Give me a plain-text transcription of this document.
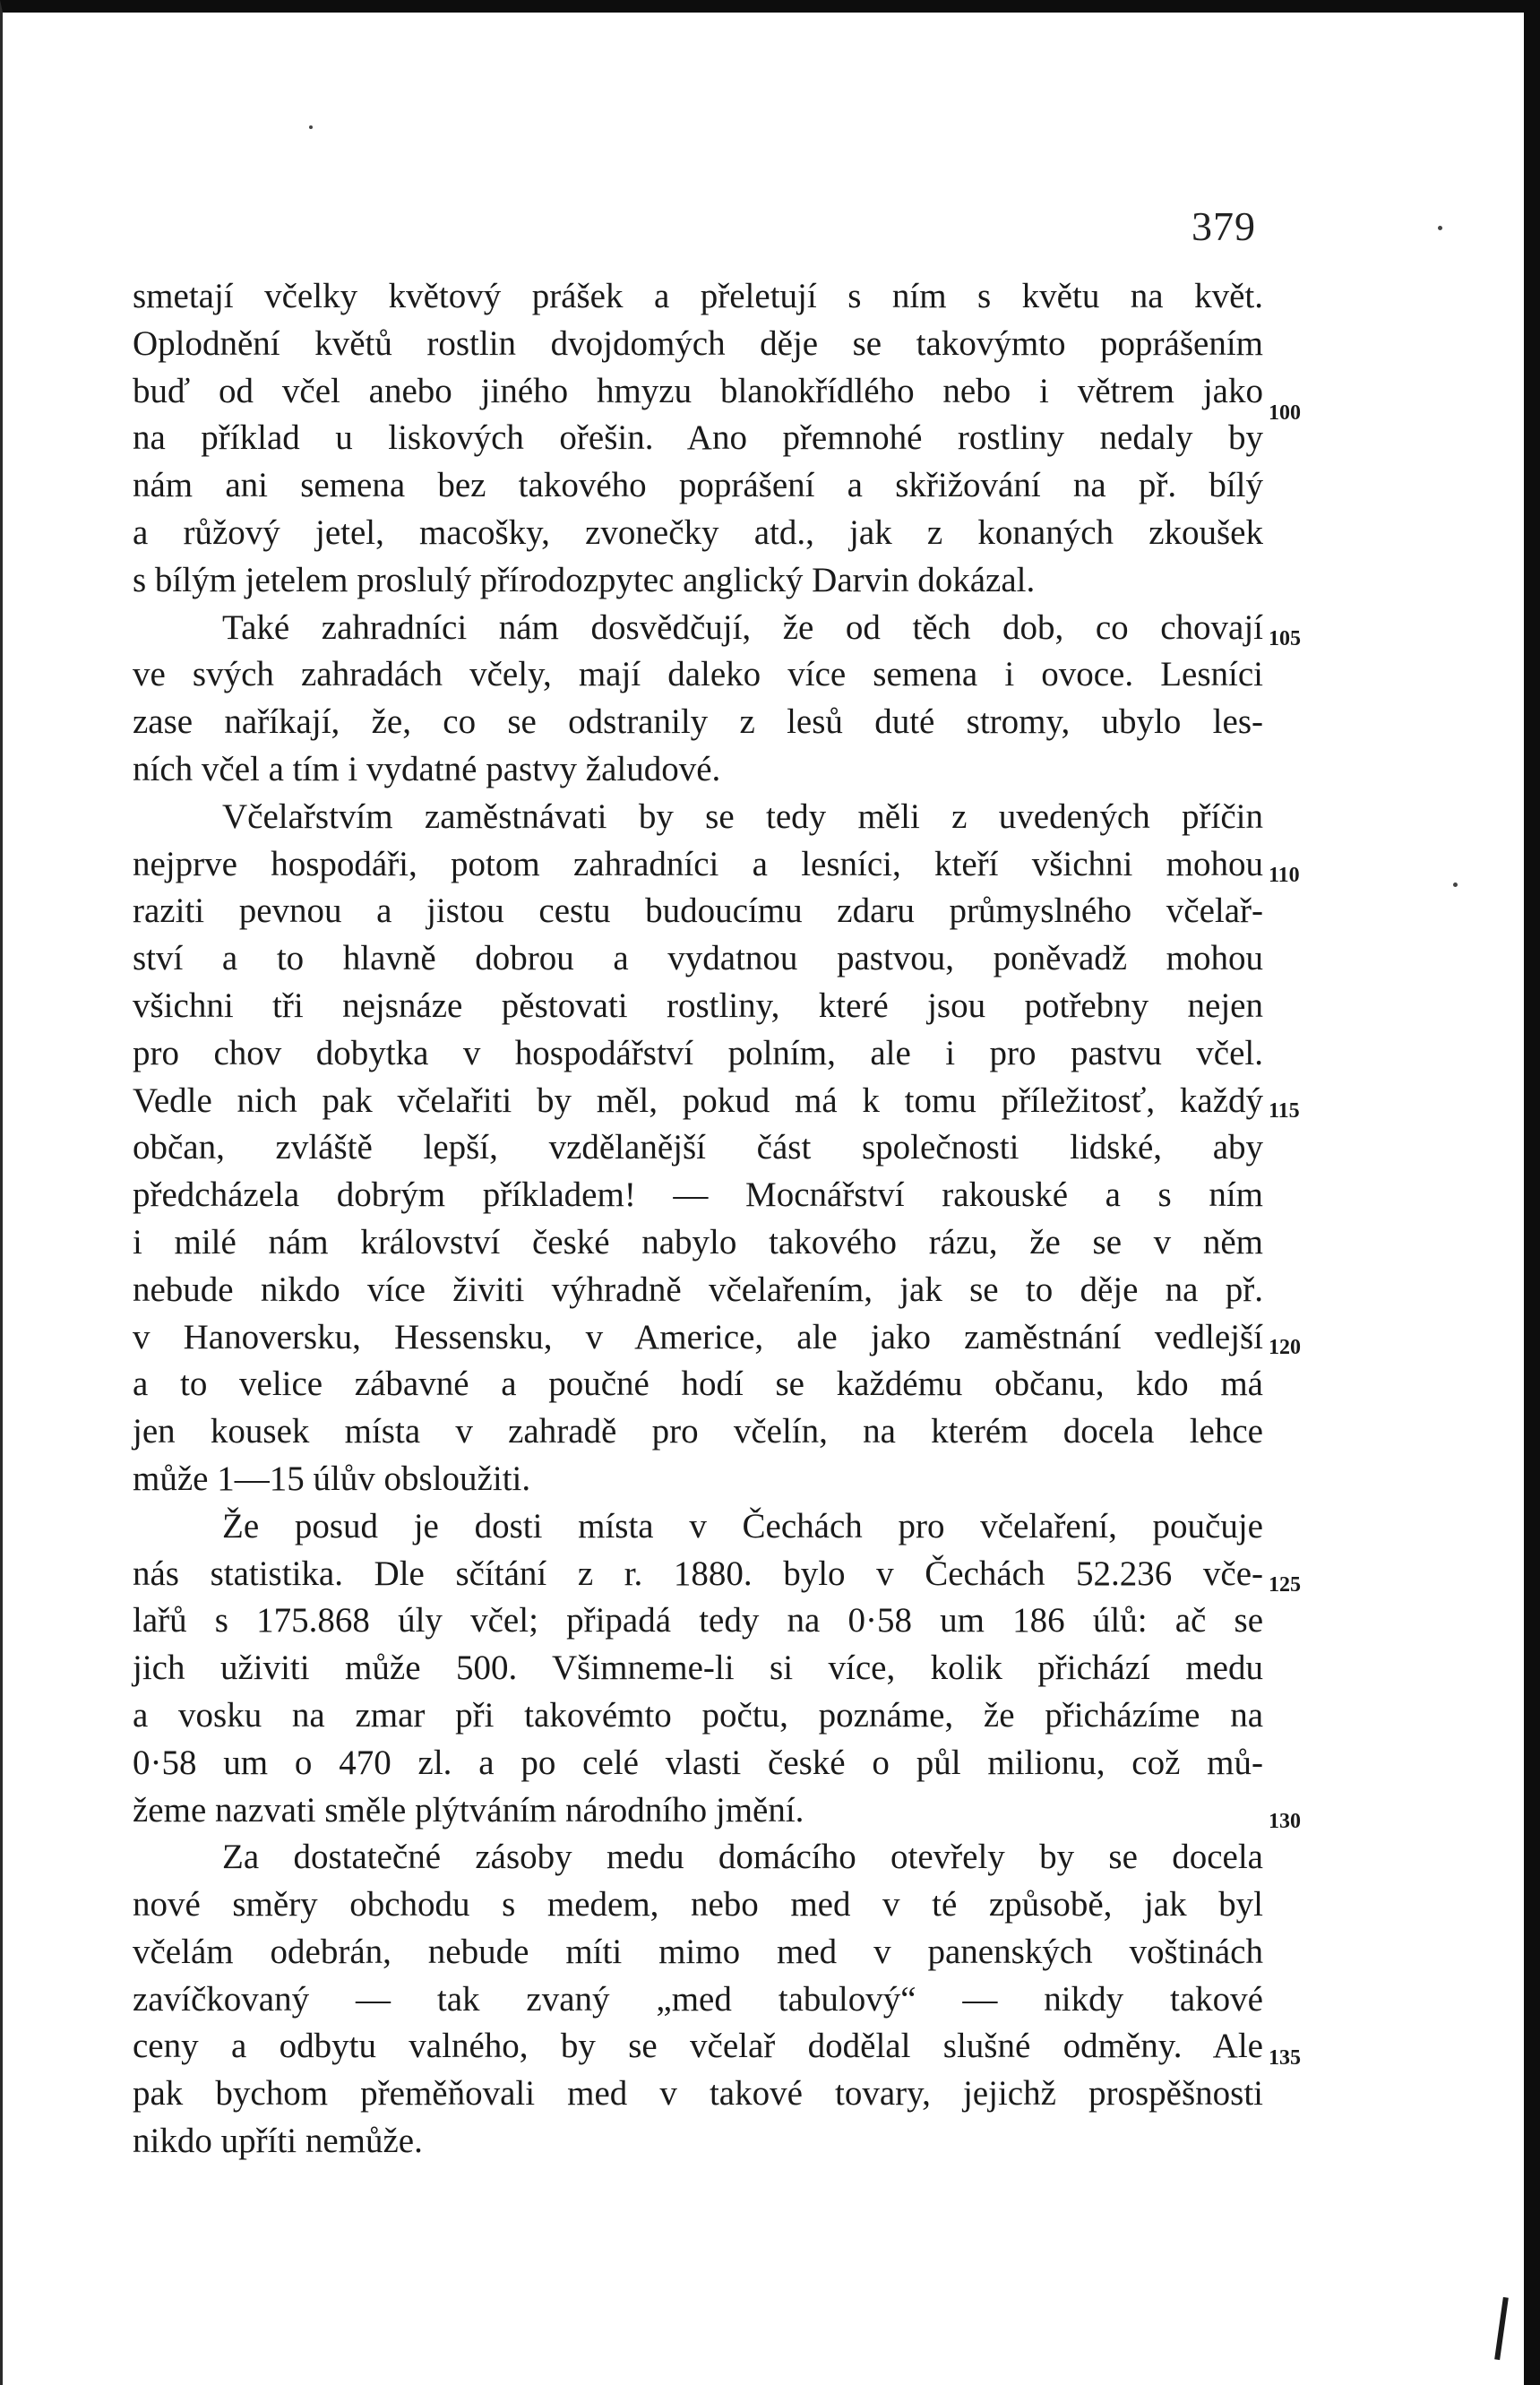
379
smetají včelky květový prášek a přeletují s ním s květu na květ.
Oplodnění květů rostlin dvojdomých děje se takovýmto poprášením
buď od včel anebo jiného hmyzu blanokřídlého nebo i větrem jako
na příklad u liskových ořešin. Ano přemnohé rostliny nedaly by
nám ani semena bez takového poprášení a skřižování na př. bílý
a růžový jetel, macošky, zvonečky atd., jak z konaných zkoušek
s bílým jetelem proslulý přírodozpytec anglický Darvin dokázal.
Také zahradníci nám dosvědčují, že od těch dob, co chovají
ve svých zahradách včely, mají daleko více semena i ovoce. Lesníci
zase naříkají, že, co se odstranily z lesů duté stromy, ubylo les-
ních včel a tím i vydatné pastvy žaludové.
Včelařstvím zaměstnávati by se tedy měli z uvedených příčin
nejprve hospodáři, potom zahradníci a lesníci, kteří všichni mohou
raziti pevnou a jistou cestu budoucímu zdaru průmyslného včelař-
ství a to hlavně dobrou a vydatnou pastvou, poněvadž mohou
všichni tři nejsnáze pěstovati rostliny, které jsou potřebny nejen
pro chov dobytka v hospodářství polním, ale i pro pastvu včel.
Vedle nich pak včelařiti by měl, pokud má k tomu příležitosť, každý
občan, zvláště lepší, vzdělanější část společnosti lidské, aby
předcházela dobrým příkladem! — Mocnářství rakouské a s ním
i milé nám království české nabylo takového rázu, že se v něm
nebude nikdo více živiti výhradně včelařením, jak se to děje na př.
v Hanoversku, Hessensku, v Americe, ale jako zaměstnání vedlejší
a to velice zábavné a poučné hodí se každému občanu, kdo má
jen kousek místa v zahradě pro včelín, na kterém docela lehce
může 1—15 úlův obsloužiti.
Že posud je dosti místa v Čechách pro včelaření, poučuje
nás statistika. Dle sčítání z r. 1880. bylo v Čechách 52.236 vče-
lařů s 175.868 úly včel; připadá tedy na 0·58 um 186 úlů: ač se
jich uživiti může 500. Všimneme-li si více, kolik přichází medu
a vosku na zmar při takovémto počtu, poznáme, že přicházíme na
0·58 um o 470 zl. a po celé vlasti české o půl milionu, což mů-
žeme nazvati směle plýtváním národního jmění.
Za dostatečné zásoby medu domácího otevřely by se docela
nové směry obchodu s medem, nebo med v té způsobě, jak byl
včelám odebrán, nebude míti mimo med v panenských voštinách
zavíčkovaný — tak zvaný „med tabulový“ — nikdy takové
ceny a odbytu valného, by se včelař dodělal slušné odměny. Ale
pak bychom přeměňovali med v takové tovary, jejichž prospěšnosti
nikdo upříti nemůže.
100
105
110
115
120
125
130
135
